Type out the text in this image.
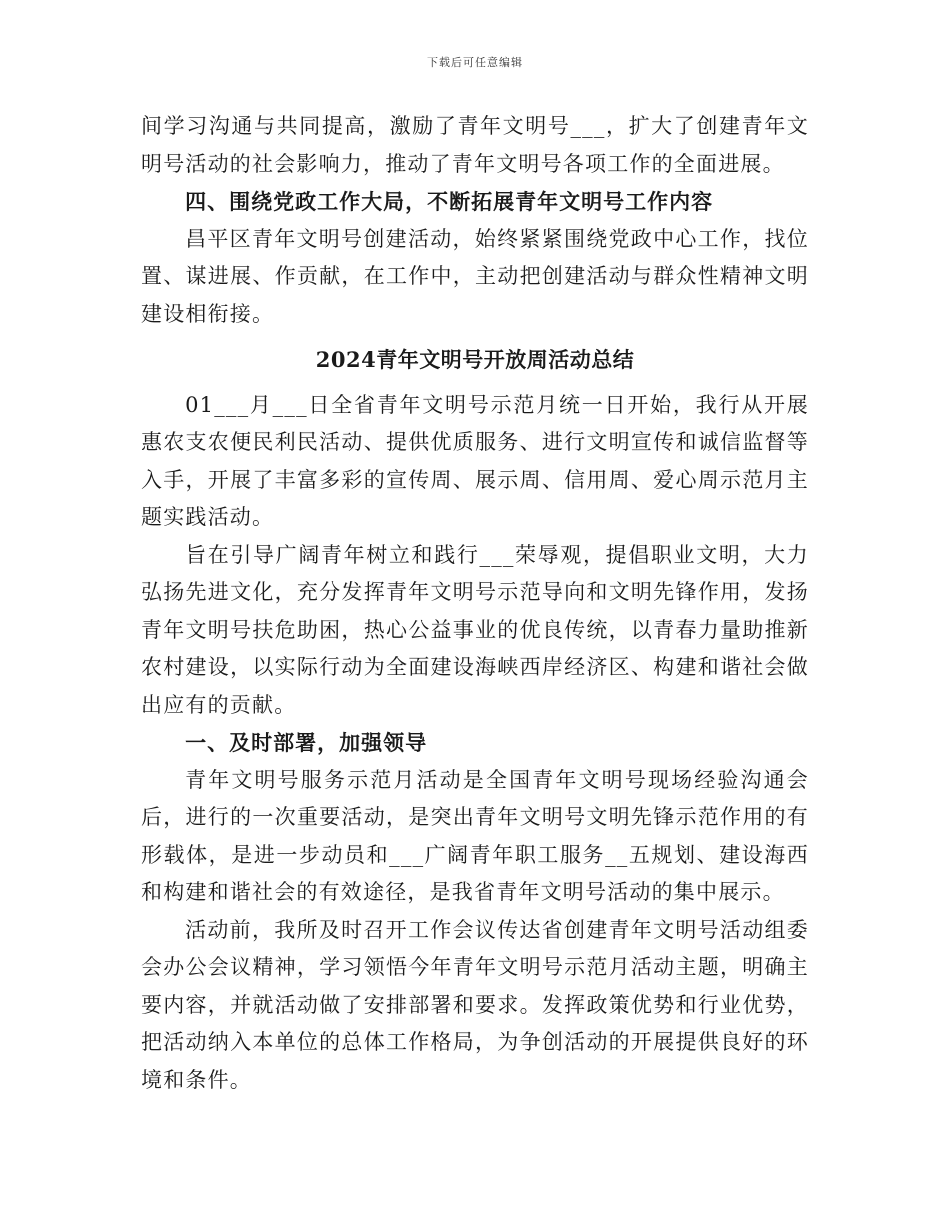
下载后可任意编辑

间学习沟通与共同提高，激励了青年文明号___，扩大了创建青年文明号活动的社会影响力，推动了青年文明号各项工作的全面进展。

四、围绕党政工作大局，不断拓展青年文明号工作内容

昌平区青年文明号创建活动，始终紧紧围绕党政中心工作，找位置、谋进展、作贡献，在工作中，主动把创建活动与群众性精神文明建设相衔接。

2024青年文明号开放周活动总结

01___月___日全省青年文明号示范月统一日开始，我行从开展惠农支农便民利民活动、提供优质服务、进行文明宣传和诚信监督等入手，开展了丰富多彩的宣传周、展示周、信用周、爱心周示范月主题实践活动。

旨在引导广阔青年树立和践行___荣辱观，提倡职业文明，大力弘扬先进文化，充分发挥青年文明号示范导向和文明先锋作用，发扬青年文明号扶危助困，热心公益事业的优良传统，以青春力量助推新农村建设，以实际行动为全面建设海峡西岸经济区、构建和谐社会做出应有的贡献。

一、及时部署，加强领导

青年文明号服务示范月活动是全国青年文明号现场经验沟通会后，进行的一次重要活动，是突出青年文明号文明先锋示范作用的有形载体，是进一步动员和___广阔青年职工服务__五规划、建设海西和构建和谐社会的有效途径，是我省青年文明号活动的集中展示。

活动前，我所及时召开工作会议传达省创建青年文明号活动组委会办公会议精神，学习领悟今年青年文明号示范月活动主题，明确主要内容，并就活动做了安排部署和要求。发挥政策优势和行业优势，把活动纳入本单位的总体工作格局，为争创活动的开展提供良好的环境和条件。
